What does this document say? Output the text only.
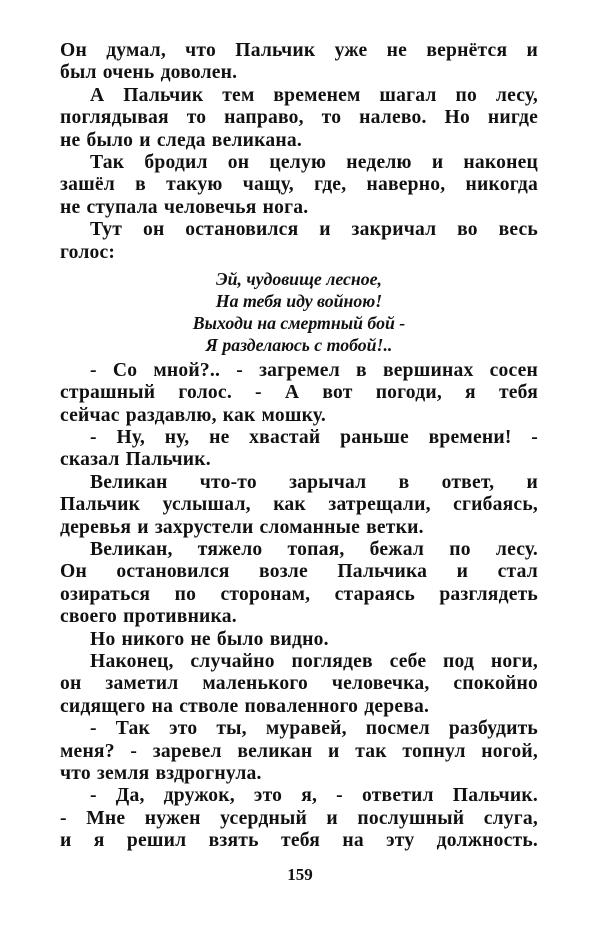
Он думал, что Пальчик уже не вернётся и
был очень доволен.
А Пальчик тем временем шагал по лесу,
поглядывая то направо, то налево. Но нигде
не было и следа великана.
Так бродил он целую неделю и наконец
зашёл в такую чащу, где, наверно, никогда
не ступала человечья нога.
Тут он остановился и закричал во весь
голос:
Эй, чудовище лесное,
На тебя иду войною!
Выходи на смертный бой -
Я разделаюсь с тобой!..
- Со мной?.. - загремел в вершинах сосен
страшный голос. - А вот погоди, я тебя
сейчас раздавлю, как мошку.
- Ну, ну, не хвастай раньше времени! -
сказал Пальчик.
Великан что-то зарычал в ответ, и
Пальчик услышал, как затрещали, сгибаясь,
деревья и захрустели сломанные ветки.
Великан, тяжело топая, бежал по лесу.
Он остановился возле Пальчика и стал
озираться по сторонам, стараясь разглядеть
своего противника.
Но никого не было видно.
Наконец, случайно поглядев себе под ноги,
он заметил маленького человечка, спокойно
сидящего на стволе поваленного дерева.
- Так это ты, муравей, посмел разбудить
меня? - заревел великан и так топнул ногой,
что земля вздрогнула.
- Да, дружок, это я, - ответил Пальчик.
- Мне нужен усердный и послушный слуга,
и я решил взять тебя на эту должность.
159
